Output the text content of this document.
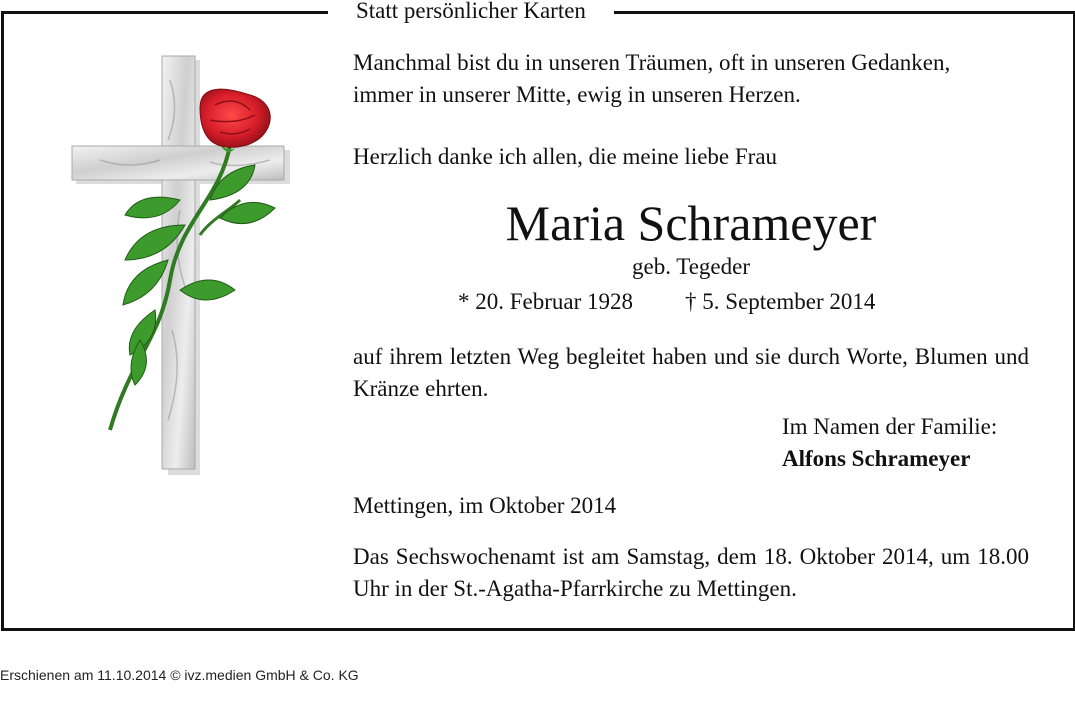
Statt persönlicher Karten
Manchmal bist du in unseren Träumen, oft in unseren Gedanken,
immer in unserer Mitte, ewig in unseren Herzen.
Herzlich danke ich allen, die meine liebe Frau
Maria Schrameyer
geb. Tegeder
* 20. Februar 1928 † 5. September 2014
auf ihrem letzten Weg begleitet haben und sie durch Worte, Blumen und Kränze ehrten.
Im Namen der Familie:
Alfons Schrameyer
Mettingen, im Oktober 2014
Das Sechswochenamt ist am Samstag, dem 18. Oktober 2014, um 18.00 Uhr in der St.-Agatha-Pfarrkirche zu Mettingen.
Erschienen am 11.10.2014 © ivz.medien GmbH & Co. KG
